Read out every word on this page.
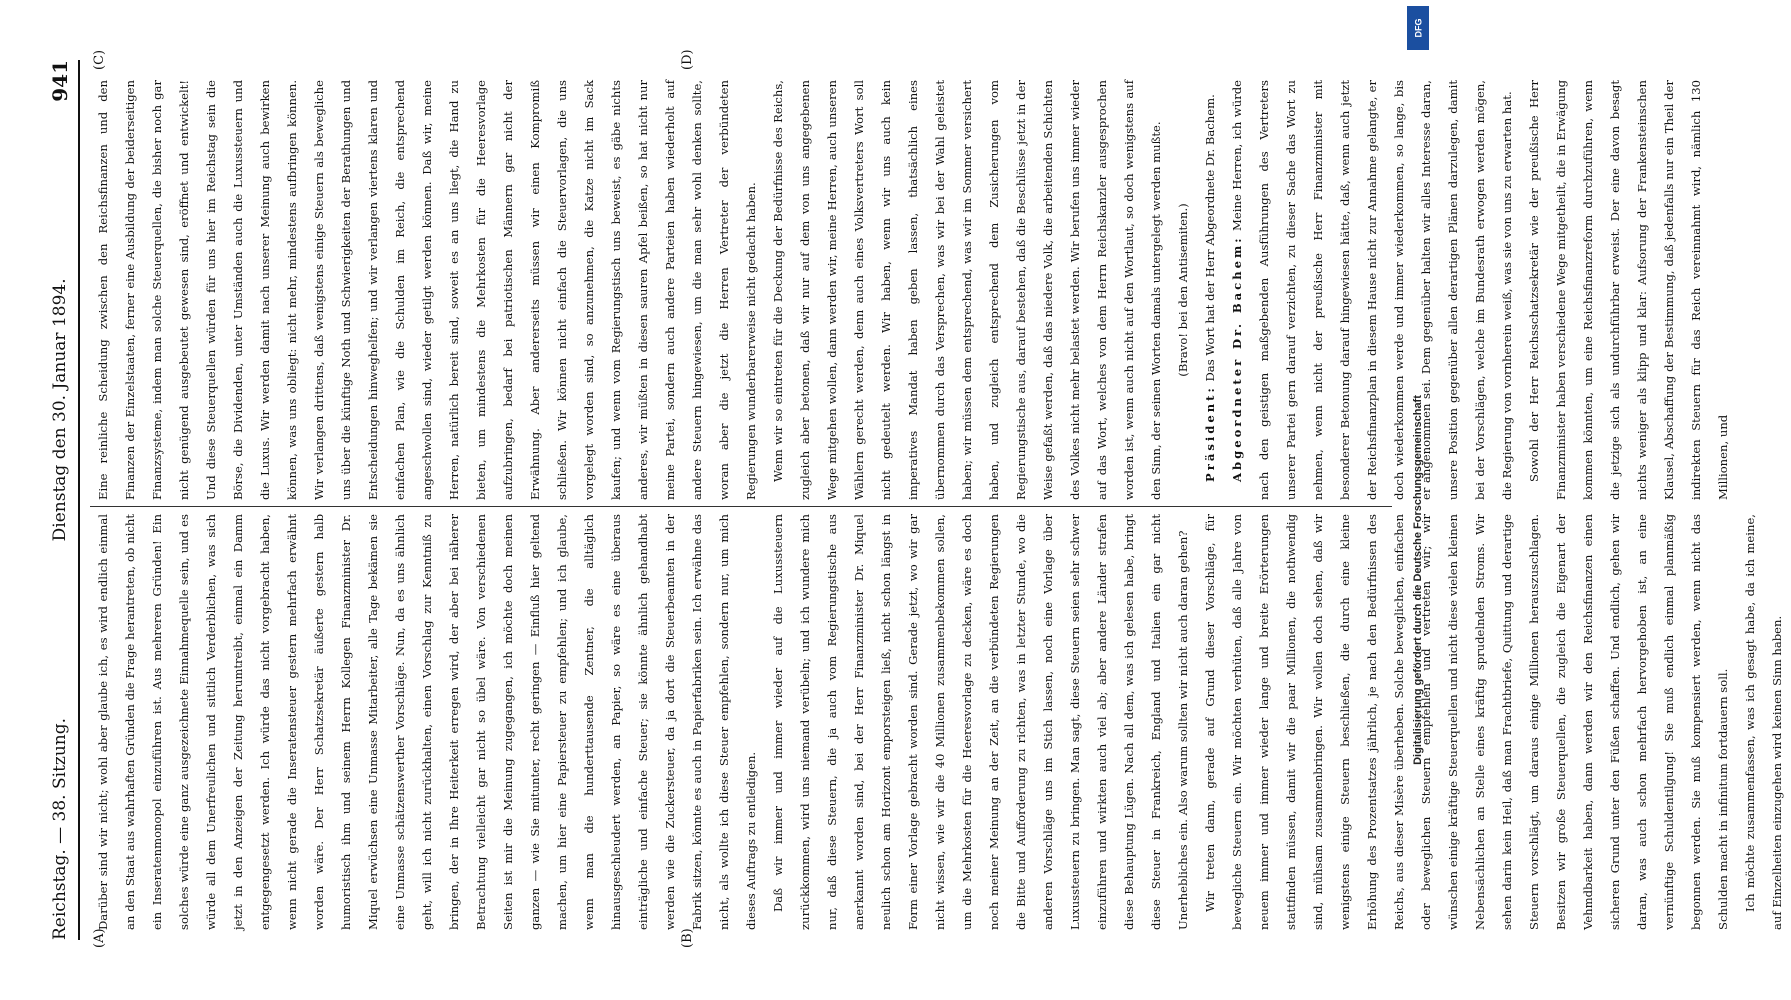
Reichstag. — 38. Sitzung.
Dienstag den 30. Januar 1894.
941
(A)	(B)
(C)	(D)

Darüber sind wir nicht; wohl aber glaube ich, es wird endlich einmal an den Staat aus wahrhaften Gründen die Frage herantreten, ob nicht ein Inseratenmonopol einzuführen ist. Aus mehreren Gründen! Ein solches würde eine ganz ausgezeichnete Einnahmequelle sein, und es würde all dem Unerfreulichen und sittlich Verderblichen, was sich jetzt in den Anzeigen der Zeitung herumtreibt, einmal ein Damm entgegengesetzt werden. Ich würde das nicht vorgebracht haben, wenn nicht gerade die Inseratensteuer gestern mehrfach erwähnt worden wäre. Der Herr Schatzsekretär äußerte gestern halb humoristisch ihm und seinem Herrn Kollegen Finanzminister Dr. Miquel erwüchsen eine Unmasse Mitarbeiter, alle Tage bekämen sie eine Unmasse schätzenswerther Vorschläge. Nun, da es uns ähnlich geht, will ich nicht zurückhalten, einen Vorschlag zur Kenntniß zu bringen, der in Ihre Heiterkeit erregen wird, der aber bei näherer Betrachtung vielleicht gar nicht so übel wäre. Von verschiedenen Seiten ist mir die Meinung zugegangen, ich möchte doch meinen ganzen — wie Sie mitunter, recht geringen — Einfluß hier geltend machen, um hier eine Papiersteuer zu empfehlen; und ich glaube, wenn man die hunderttausende Zentner, die alltäglich hinausgeschleudert werden, an Papier, so wäre es eine überaus einträgliche und einfache Steuer; sie könnte ähnlich gehandhabt werden wie die Zuckersteuer, da ja dort die Steuerbeamten in der Fabrik sitzen, könnte es auch in Papierfabriken sein. Ich erwähne das nicht, als wollte ich diese Steuer empfehlen, sondern nur, um mich dieses Auftrags zu entledigen.	Daß wir immer und immer wieder auf die Luxussteuern zurückkommen, wird uns niemand verübeln; und ich wundere mich nur, daß diese Steuern, die ja auch vom Regierungstische aus anerkannt worden sind, bei der Herr Finanzminister Dr. Miquel neulich schon am Horizont emporsteigen ließ, nicht schon längst in Form einer Vorlage gebracht worden sind. Gerade jetzt, wo wir gar nicht wissen, wie wir die 40 Millionen zusammenbekommen sollen, um die Mehrkosten für die Heeresvorlage zu decken, wäre es doch noch meiner Meinung an der Zeit, an die verbündeten Regierungen die Bitte und Aufforderung zu richten, was in letzter Stunde, wo die anderen Vorschläge uns im Stich lassen, noch eine Vorlage über Luxussteuern zu bringen. Man sagt, diese Steuern seien sehr schwer einzuführen und wirkten auch viel ab; aber andere Länder strafen diese Behauptung Lügen. Nach all dem, was ich gelesen habe, bringt diese Steuer in Frankreich, England und Italien ein gar nicht Unerhebliches ein. Also warum sollten wir nicht auch daran gehen?	Wir treten dann, gerade auf Grund dieser Vorschläge, für bewegliche Steuern ein. Wir möchten verhüten, daß alle Jahre von neuem immer und immer wieder lange und breite Erörterungen stattfinden müssen, damit wir die paar Millionen, die nothwendig sind, mühsam zusammenbringen. Wir wollen doch sehen, daß wir wenigstens einige Steuern beschließen, die durch eine kleine Erhöhung des Prozentsatzes jährlich, je nach den Bedürfnissen des Reichs, aus dieser Misère überheben. Solche beweglichen, einfachen oder beweglichen Steuern empfehlen und vertreten wir; wir wünschen einige kräftige Steuerquellen und nicht diese vielen kleinen Nebensächlichen an Stelle eines kräftig sprudelnden Stroms. Wir sehen darin kein Heil, daß man Frachtbriefe, Quittung und derartige Steuern vorschlägt, um daraus einige Millionen herauszuschlagen. Besitzen wir große Steuerquellen, die zugleich die Eigenart der Vehmdbarkeit haben, dann werden wir den Reichsfinanzen einen sicheren Grund unter den Füßen schaffen. Und endlich, gehen wir daran, was auch schon mehrfach hervorgehoben ist, an eine vernünftige Schuldentilgung! Sie muß endlich einmal planmäßig begonnen werden. Sie muß kompensiert werden, wenn nicht das Schulden macht in infinitum fortdauern soll.	Ich möchte zusammenfassen, was ich gesagt habe, da ich meine, auf Einzelheiten einzugehen wird keinen Sinn haben.

Eine reinliche Scheidung zwischen den Reichsfinanzen und den Finanzen der Einzelstaaten, ferner eine Ausbildung der beiderseitigen Finanzsysteme, indem man solche Steuerquellen, die bisher noch gar nicht genügend ausgebeutet gewesen sind, eröffnet und entwickelt! Und diese Steuerquellen würden für uns hier im Reichstag sein die Börse, die Dividenden, unter Umständen auch die Luxussteuern und die Luxus. Wir werden damit nach unserer Meinung auch bewirken können, was uns obliegt: nicht mehr, mindestens aufbringen können. Wir verlangen drittens, daß wenigstens einige Steuern als bewegliche uns über die künftige Noth und Schwierigkeiten der Berathungen und Entscheidungen hinweghelfen; und wir verlangen viertens klaren und einfachen Plan, wie die Schulden im Reich, die entsprechend angeschwollen sind, wieder getilgt werden können. Daß wir, meine Herren, natürlich bereit sind, soweit es an uns liegt, die Hand zu bieten, um mindestens die Mehrkosten für die Heeresvorlage aufzubringen, bedarf bei patriotischen Männern gar nicht der Erwähnung. Aber andererseits müssen wir einen Kompromiß schließen. Wir können nicht einfach die Steuervorlagen, die uns vorgelegt worden sind, so anzunehmen, die Katze nicht im Sack kaufen; und wenn vom Regierungstisch uns beweist, es gäbe nichts anderes, wir müßten in diesen sauren Apfel beißen, so hat nicht nur meine Partei, sondern auch andere Parteien haben wiederholt auf andere Steuern hingewiesen, um die man sehr wohl denken sollte, woran aber die jetzt die Herren Vertreter der verbündeten Regierungen wunderbarerweise nicht gedacht haben.	Wenn wir so eintreten für die Deckung der Bedürfnisse des Reichs, zugleich aber betonen, daß wir nur auf dem von uns angegebenen Wege mitgehen wollen, dann werden wir, meine Herren, auch unseren Wählern gerecht werden, denn auch eines Volksvertreters Wort soll nicht gedeutelt werden. Wir haben, wenn wir uns auch kein imperatives Mandat haben geben lassen, thatsächlich eines übernommen durch das Versprechen, was wir bei der Wahl geleistet haben; wir müssen dem entsprechend, was wir im Sommer versichert haben, und zugleich entsprechend dem Zusicherungen vom Regierungstische aus, darauf bestehen, daß die Beschlüsse jetzt in der Weise gefaßt werden, daß das niedere Volk, die arbeitenden Schichten des Volkes nicht mehr belastet werden. Wir berufen uns immer wieder auf das Wort, welches von dem Herrn Reichskanzler ausgesprochen worden ist, wenn auch nicht auf den Wortlaut, so doch wenigstens auf den Sinn, der seinen Worten damals untergelegt werden mußte.	(Bravo! bei den Antisemiten.)

Präsident: Das Wort hat der Herr Abgeordnete Dr. Bachem.	Abgeordneter Dr. Bachem: Meine Herren, ich würde nach den geistigen maßgebenden Ausführungen des Vertreters unserer Partei gern darauf verzichten, zu dieser Sache das Wort zu nehmen, wenn nicht der preußische Herr Finanzminister mit besonderer Betonung darauf hingewiesen hätte, daß, wenn auch jetzt der Reichsfinanzplan in diesem Hause nicht zur Annahme gelangte, er doch wiederkommen werde und immer wiederkommen, so lange, bis er angenommen sei. Dem gegenüber halten wir alles Interesse daran, unsere Position gegenüber allen derartigen Plänen darzulegen, damit bei der Vorschlägen, welche im Bundesrath erwogen werden mögen, die Regierung von vornherein weiß, was sie von uns zu erwarten hat.	Sowohl der Herr Reichsschatzsekretär wie der preußische Herr Finanzminister haben verschiedene Wege mitgetheilt, die in Erwägung kommen könnten, um eine Reichsfinanzreform durchzuführen, wenn die jetzige sich als undurchführbar erweist. Der eine davon besagt nichts weniger als klipp und klar: Aufsorung der Frankensteinschen Klausel, Abschaffung der Bestimmung, daß jedenfalls nur ein Theil der indirekten Steuern für das Reich vereinnahmt wird, nämlich 130 Millionen, und

DFG
Digitalisierung gefördert durch die Deutsche Forschungsgemeinschaft
